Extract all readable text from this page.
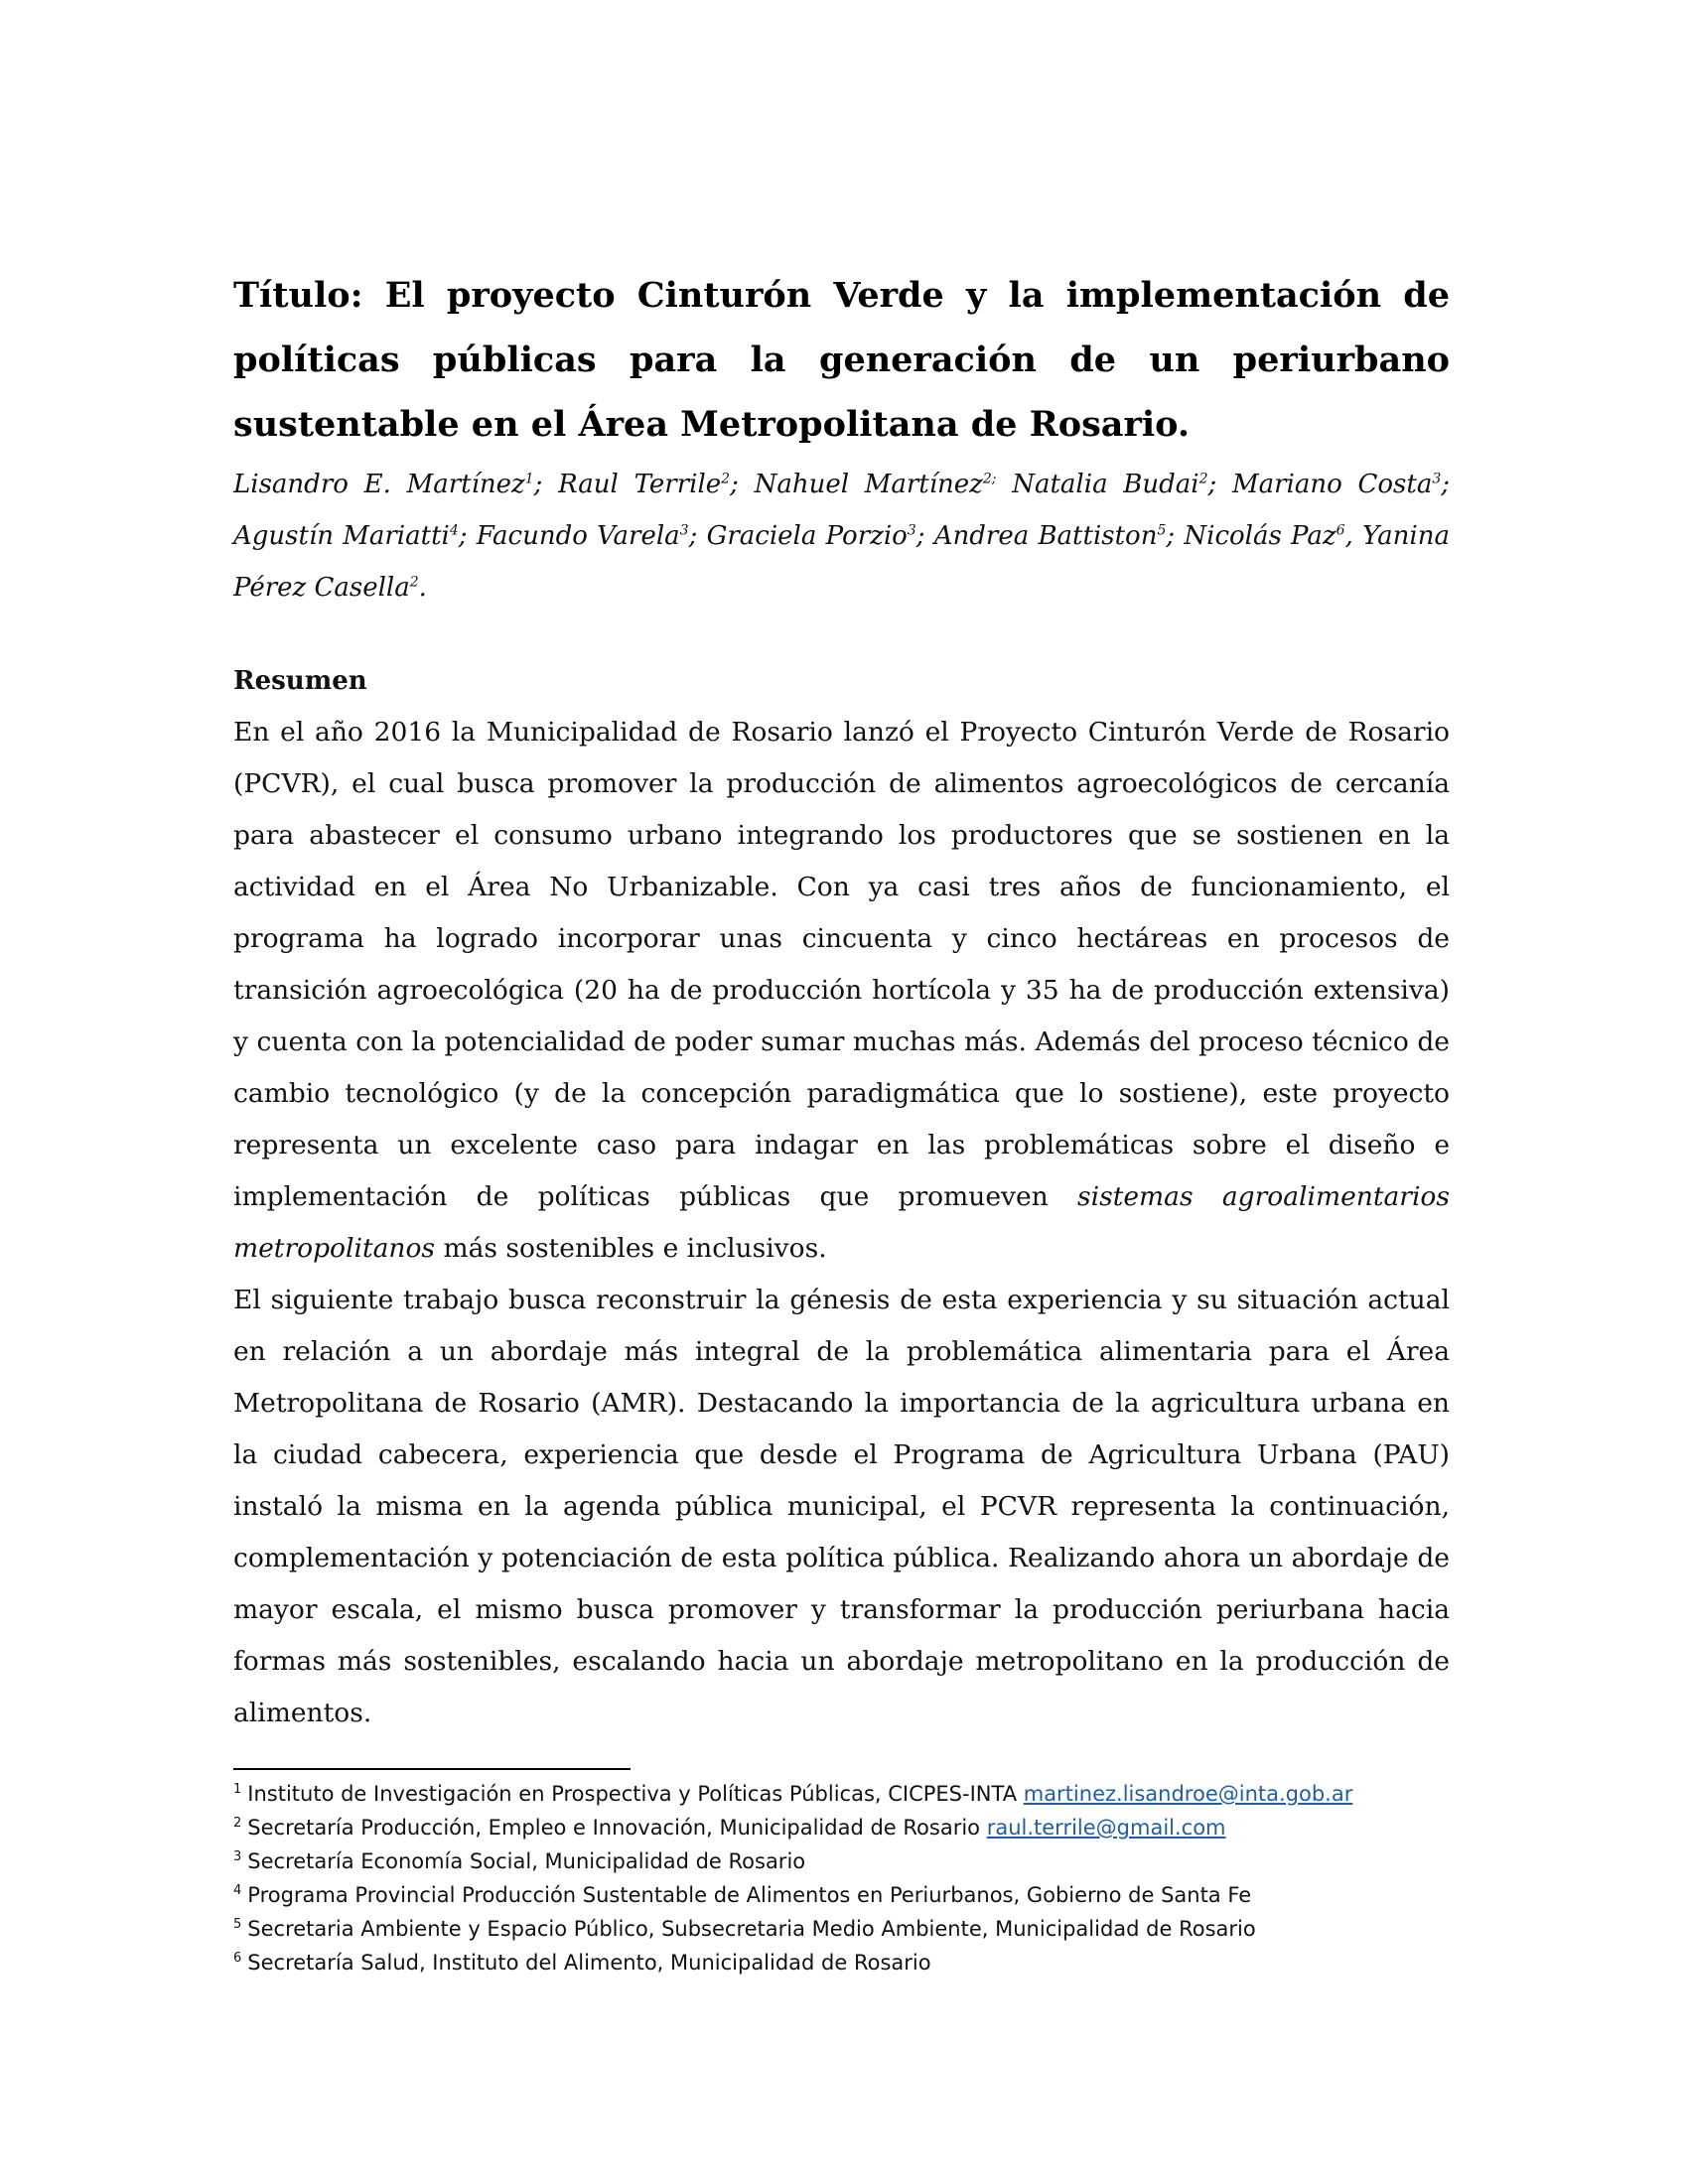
Título: El proyecto Cinturón Verde y la implementación de políticas públicas para la generación de un periurbano sustentable en el Área Metropolitana de Rosario.

Lisandro E. Martínez$^1$; Raul Terrile$^2$; Nahuel Martínez$^{2;}$ Natalia Budai$^2$; Mariano Costa$^3$; Agustín Mariatti$^4$; Facundo Varela$^3$; Graciela Porzio$^3$; Andrea Battiston$^5$; Nicolás Paz$^6$, Yanina Pérez Casella$^2$.

Resumen

En el año 2016 la Municipalidad de Rosario lanzó el Proyecto Cinturón Verde de Rosario (PCVR), el cual busca promover la producción de alimentos agroecológicos de cercanía para abastecer el consumo urbano integrando los productores que se sostienen en la actividad en el Área No Urbanizable. Con ya casi tres años de funcionamiento, el programa ha logrado incorporar unas cincuenta y cinco hectáreas en procesos de transición agroecológica (20 ha de producción hortícola y 35 ha de producción extensiva) y cuenta con la potencialidad de poder sumar muchas más. Además del proceso técnico de cambio tecnológico (y de la concepción paradigmática que lo sostiene), este proyecto representa un excelente caso para indagar en las problemáticas sobre el diseño e implementación de políticas públicas que promueven sistemas agroalimentarios metropolitanos más sostenibles e inclusivos.

El siguiente trabajo busca reconstruir la génesis de esta experiencia y su situación actual en relación a un abordaje más integral de la problemática alimentaria para el Área Metropolitana de Rosario (AMR). Destacando la importancia de la agricultura urbana en la ciudad cabecera, experiencia que desde el Programa de Agricultura Urbana (PAU) instaló la misma en la agenda pública municipal, el PCVR representa la continuación, complementación y potenciación de esta política pública. Realizando ahora un abordaje de mayor escala, el mismo busca promover y transformar la producción periurbana hacia formas más sostenibles, escalando hacia un abordaje metropolitano en la producción de alimentos.

$^1$ Instituto de Investigación en Prospectiva y Políticas Públicas, CICPES-INTA martinez.lisandroe@inta.gob.ar
$^2$ Secretaría Producción, Empleo e Innovación, Municipalidad de Rosario raul.terrile@gmail.com
$^3$ Secretaría Economía Social, Municipalidad de Rosario
$^4$ Programa Provincial Producción Sustentable de Alimentos en Periurbanos, Gobierno de Santa Fe
$^5$ Secretaria Ambiente y Espacio Público, Subsecretaria Medio Ambiente, Municipalidad de Rosario
$^6$ Secretaría Salud, Instituto del Alimento, Municipalidad de Rosario
